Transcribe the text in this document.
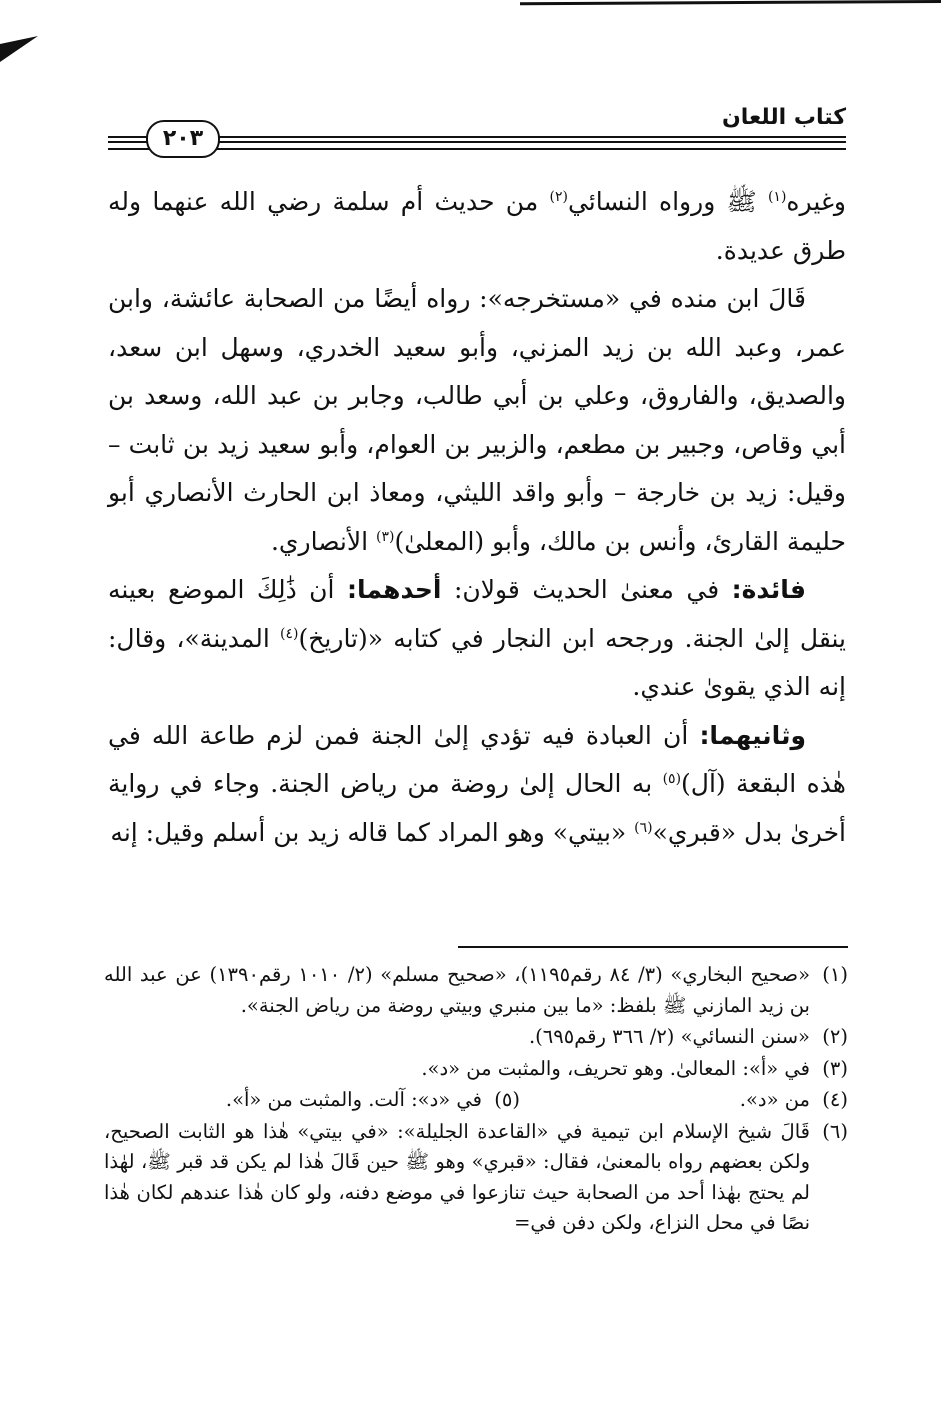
٢٠٣
كتاب اللعان

وغيره$^{(١)}$ ﷺ ورواه النسائي$^{(٢)}$ من حديث أم سلمة رضي الله عنهما وله طرق عديدة.

قَالَ ابن منده في «مستخرجه»: رواه أيضًا من الصحابة عائشة، وابن عمر، وعبد الله بن زيد المزني، وأبو سعيد الخدري، وسهل ابن سعد، والصديق، والفاروق، وعلي بن أبي طالب، وجابر بن عبد الله، وسعد بن أبي وقاص، وجبير بن مطعم، والزبير بن العوام، وأبو سعيد زيد بن ثابت – وقيل: زيد بن خارجة – وأبو واقد الليثي، ومعاذ ابن الحارث الأنصاري أبو حليمة القارئ، وأنس بن مالك، وأبو (المعلىٰ)$^{(٣)}$ الأنصاري.

فائدة: في معنىٰ الحديث قولان: أحدهما: أن ذَٰلِكَ الموضع بعينه ينقل إلىٰ الجنة. ورجحه ابن النجار في كتابه «(تاريخ)$^{(٤)}$ المدينة»، وقال: إنه الذي يقوىٰ عندي.

وثانيهما: أن العبادة فيه تؤدي إلىٰ الجنة فمن لزم طاعة الله في هٰذه البقعة (آل)$^{(٥)}$ به الحال إلىٰ روضة من رياض الجنة. وجاء في رواية أخرىٰ بدل «قبري»$^{(٦)}$ «بيتي» وهو المراد كما قاله زيد بن أسلم وقيل: إنه

(١)
«صحيح البخاري» (٣/ ٨٤ رقم١١٩٥)، «صحيح مسلم» (٢/ ١٠١٠ رقم١٣٩٠) عن عبد الله بن زيد المازني ﷺ بلفظ: «ما بين منبري وبيتي روضة من رياض الجنة».

(٢)
«سنن النسائي» (٢/ ٣٦٦ رقم٦٩٥).

(٣)
في «أ»: المعالىٰ. وهو تحريف، والمثبت من «د».

(٤)
من «د».

(٥)
في «د»: آلت. والمثبت من «أ».

(٦)
قَالَ شيخ الإسلام ابن تيمية في «القاعدة الجليلة»: «في بيتي» هٰذا هو الثابت الصحيح، ولكن بعضهم رواه بالمعنىٰ، فقال: «قبري» وهو ﷺ حين قَالَ هٰذا لم يكن قد قبر ﷺ، لهٰذا لم يحتج بهٰذا أحد من الصحابة حيث تنازعوا في موضع دفنه، ولو كان هٰذا عندهم لكان هٰذا نصًا في محل النزاع، ولكن دفن في=
